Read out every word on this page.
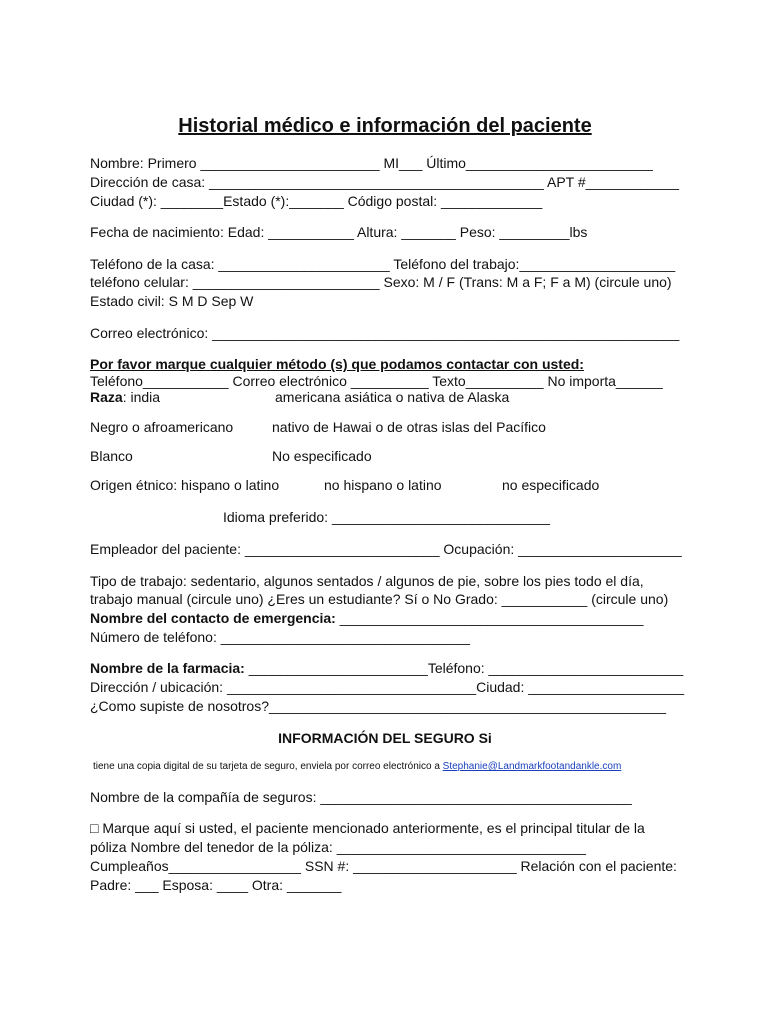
Historial médico e información del paciente
Nombre: Primero _______________________ MI___ Último________________________
Dirección de casa: ___________________________________________ APT #____________
Ciudad (*): ________Estado (*):_______ Código postal: _____________
Fecha de nacimiento: Edad: ___________ Altura: _______ Peso: _________lbs
Teléfono de la casa: ______________________ Teléfono del trabajo:____________________
teléfono celular: ________________________ Sexo: M / F (Trans: M a F; F a M) (circule uno)
Estado civil: S M D Sep W
Correo electrónico: ____________________________________________________________
Por favor marque cualquier método (s) que podamos contactar con usted:
Teléfono___________ Correo electrónico __________ Texto__________ No importa______
Raza: india	americana asiática o nativa de Alaska
Negro o afroamericano	nativo de Hawai o de otras islas del Pacífico
Blanco	No especificado
Origen étnico: hispano o latino	no hispano o latino	no especificado
Idioma preferido: ____________________________
Empleador del paciente: _________________________ Ocupación: _____________________
Tipo de trabajo: sedentario, algunos sentados / algunos de pie, sobre los pies todo el día,
trabajo manual (circule uno) ¿Eres un estudiante? Sí o No Grado: ___________ (circule uno)
Nombre del contacto de emergencia: _______________________________________
Número de teléfono: ________________________________
Nombre de la farmacia: _______________________Teléfono: _________________________
Dirección / ubicación: ________________________________Ciudad: ____________________
¿Como supiste de nosotros?___________________________________________________
INFORMACIÓN DEL SEGURO Si
tiene una copia digital de su tarjeta de seguro, enviela por correo electrónico a Stephanie@Landmarkfootandankle.com
Nombre de la compañía de seguros: ________________________________________
□ Marque aquí si usted, el paciente mencionado anteriormente, es el principal titular de la
póliza Nombre del tenedor de la póliza: ________________________________
Cumpleaños_________________ SSN #: _____________________ Relación con el paciente:
Padre: ___ Esposa: ____ Otra: _______
